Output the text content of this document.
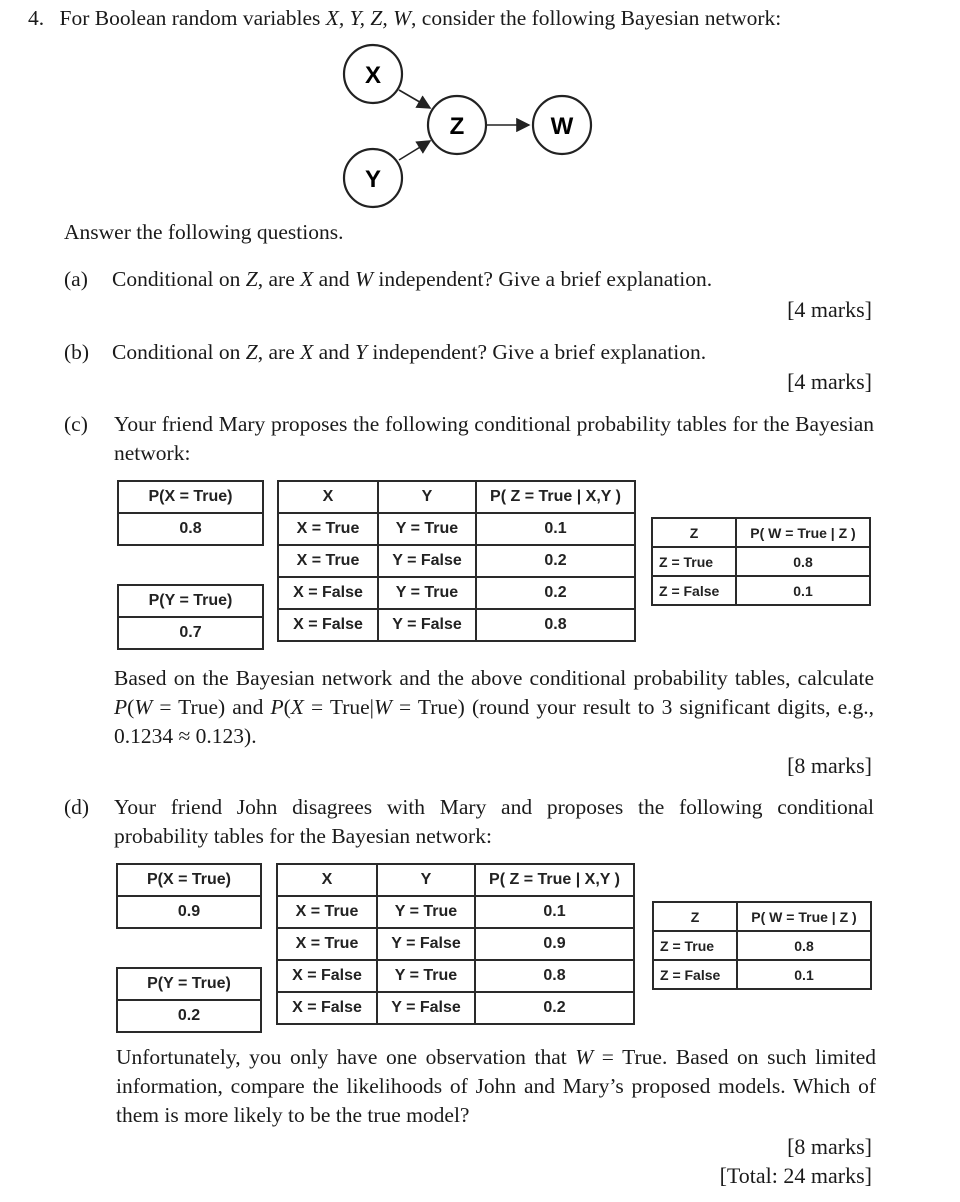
4. For Boolean random variables X, Y, Z, W, consider the following Bayesian network:
X
Y
Z	W
Answer the following questions.
(a) Conditional on Z, are X and W independent? Give a brief explanation.
[4 marks]
(b) Conditional on Z, are X and Y independent? Give a brief explanation.
[4 marks]
(c)	Your friend Mary proposes the following conditional probability tables for the Bayesian network:
P(X = True)
0.8
P(Y = True)
0.7
X	Y	P( Z = True | X,Y )
X = True	Y = True	0.1
X = True	Y = False	0.2
X = False	Y = True	0.2
X = False	Y = False	0.8
Z	P( W = True | Z )
Z = True	0.8
Z = False	0.1
Based on the Bayesian network and the above conditional probability tables, calculate P(W = True) and P(X = True|W = True) (round your result to 3 significant digits, e.g., 0.1234 ≈ 0.123).
[8 marks]
(d)	Your friend John disagrees with Mary and proposes the following conditional probability tables for the Bayesian network:
P(X = True)
0.9
P(Y = True)
0.2
X	Y	P( Z = True | X,Y )
X = True	Y = True	0.1
X = True	Y = False	0.9
X = False	Y = True	0.8
X = False	Y = False	0.2
Z	P( W = True | Z )
Z = True	0.8
Z = False	0.1
Unfortunately, you only have one observation that W = True. Based on such limited information, compare the likelihoods of John and Mary’s proposed models. Which of them is more likely to be the true model?
[8 marks]
[Total: 24 marks]
